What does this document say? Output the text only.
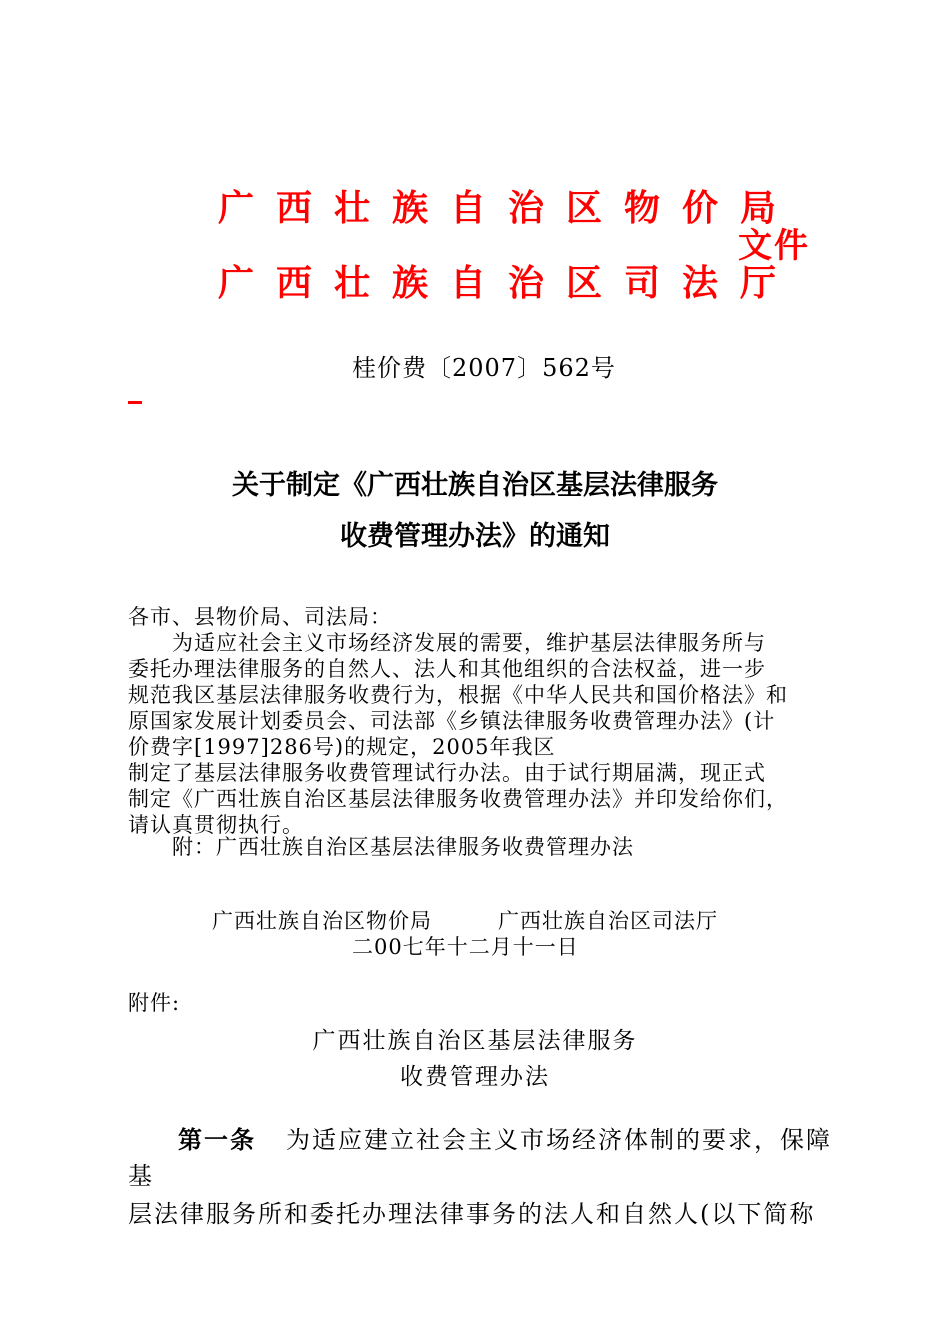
广西壮族自治区物价局
广西壮族自治区司法厅
文件
桂价费〔2007〕562号
关于制定《广西壮族自治区基层法律服务
收费管理办法》的通知
各市、县物价局、司法局：
为适应社会主义市场经济发展的需要，维护基层法律服务所与
委托办理法律服务的自然人、法人和其他组织的合法权益，进一步
规范我区基层法律服务收费行为，根据《中华人民共和国价格法》和
原国家发展计划委员会、司法部《乡镇法律服务收费管理办法》(计
价费字[1997]286号)的规定，2005年我区
制定了基层法律服务收费管理试行办法。由于试行期届满，现正式
制定《广西壮族自治区基层法律服务收费管理办法》并印发给你们，
请认真贯彻执行。
附：广西壮族自治区基层法律服务收费管理办法
广西壮族自治区物价局	广西壮族自治区司法厅
二00七年十二月十一日
附件:
广西壮族自治区基层法律服务
收费管理办法
第一条 为适应建立社会主义市场经济体制的要求，保障
基
层法律服务所和委托办理法律事务的法人和自然人(以下简称
